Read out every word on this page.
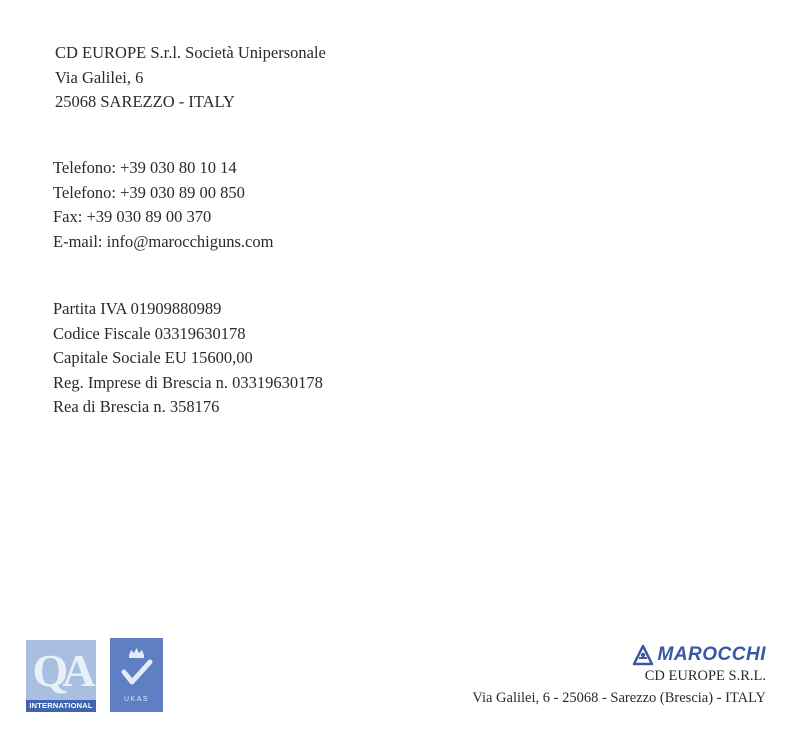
CD EUROPE S.r.l. Società Unipersonale
Via Galilei, 6
25068 SAREZZO - ITALY
Telefono: +39 030 80 10 14
Telefono: +39 030 89 00 850
Fax: +39 030 89 00 370
E-mail: info@marocchiguns.com
Partita IVA 01909880989
Codice Fiscale 03319630178
Capitale Sociale EU 15600,00
Reg. Imprese di Brescia n. 03319630178
Rea di Brescia n. 358176
QA
INTERNATIONAL
UKAS
MAROCCHI
CD EUROPE S.R.L.
Via Galilei, 6 - 25068 - Sarezzo (Brescia) - ITALY
